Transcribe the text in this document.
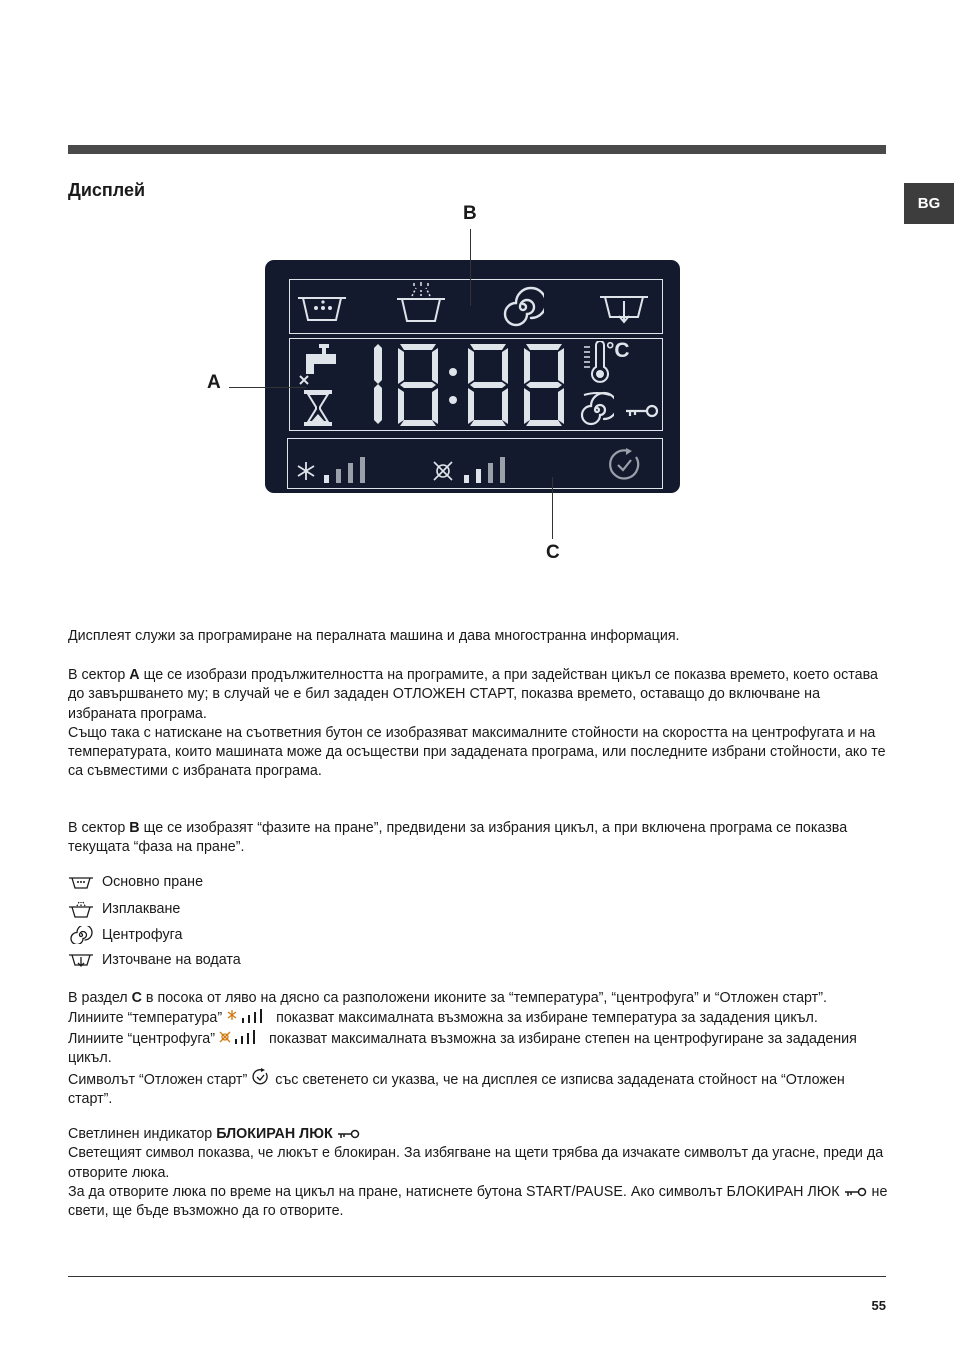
BG
Дисплей
B
A
C
°C
Дисплеят служи за програмиране на пералната машина и дава многостранна информация.

В сектор A ще се изобрази продължителността на програмите, а при задействан цикъл се показва времето, което остава до завършването му; в случай че е бил зададен ОТЛОЖЕН СТАРТ, показва времето, оставащо до включване на избраната програма.

Също така с натискане на съответния бутон се изобразяват максималните стойности на скоростта на центрофугата и на температурата, които машината може да осъществи при зададената програма, или последните избрани стойности, ако те са съвместими с избраната програма.

В сектор B ще се изобразят “фазите на пране”, предвидени за избрания цикъл, а при включена програма се показва текущата “фаза на пране”.

Основно пране
Изплакване
Центрофуга
Източване на водата

В раздел C в посока от ляво на дясно са разположени иконите за “температура”, “центрофуга” и “Отложен старт”.

Линиите “температура”	показват максималната възможна за избиране температура за зададения цикъл.

Линиите “центрофуга”	показват максималната възможна за избиране степен на центрофугиране за зададения цикъл.

Символът “Отложен старт”  със светенето си указва, че на дисплея се изписва зададената стойност на “Отложен старт”.

Светлинен индикатор БЛОКИРАН ЛЮК

Светещият символ показва, че люкът е блокиран. За избягване на щети трябва да изчакате символът да угасне, преди да отворите люка.

За да отворите люка по време на цикъл на пране, натиснете бутона START/PAUSE. Ако символът БЛОКИРАН ЛЮК  не свети, ще бъде възможно да го отворите.

55
